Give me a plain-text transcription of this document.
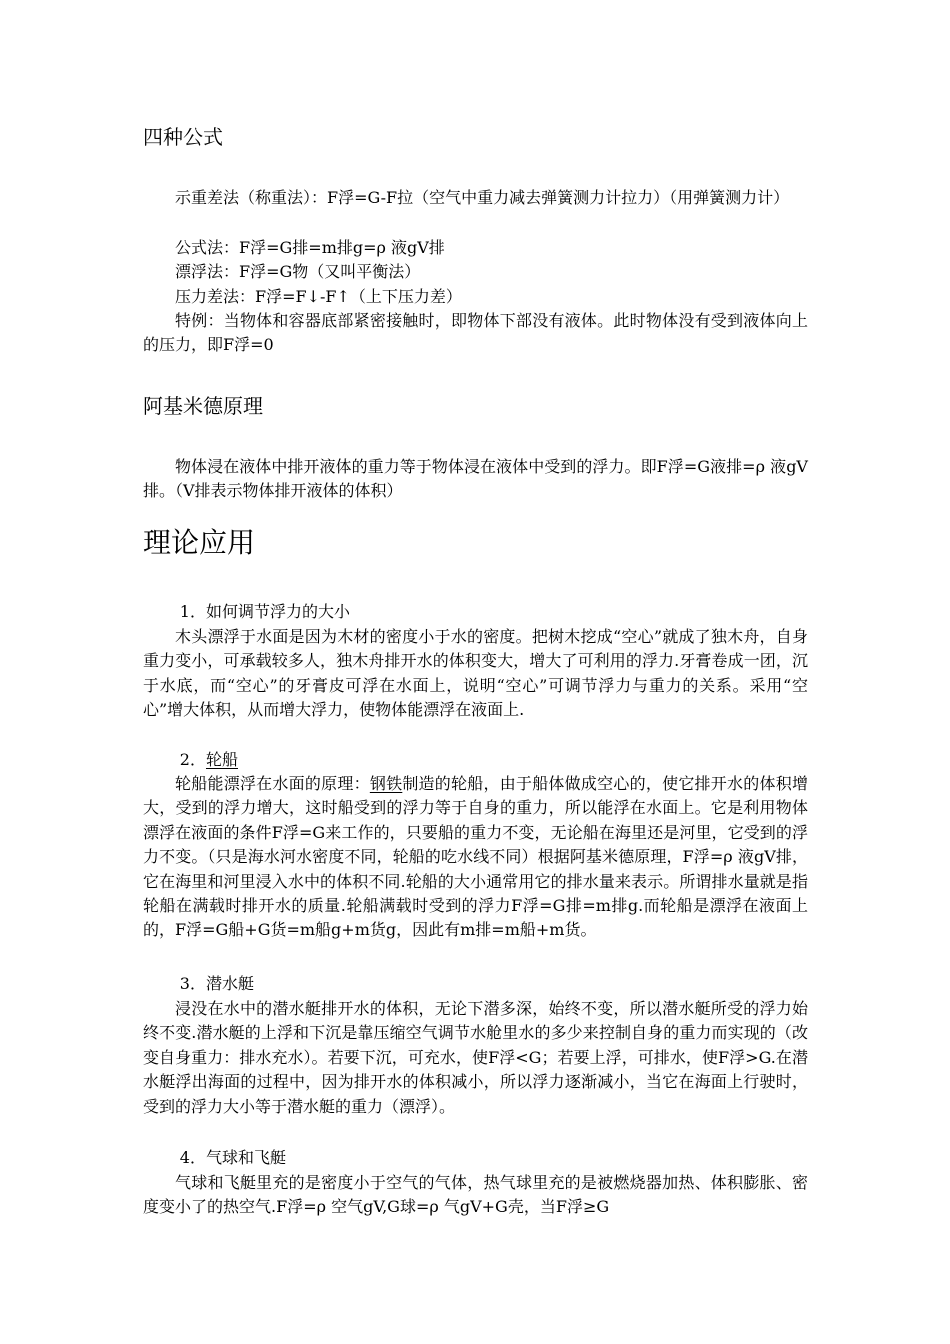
四种公式
示重差法（称重法）：F浮=G-F拉（空气中重力减去弹簧测力计拉力）（用弹簧测力计）
公式法：F浮=G排=m排g=ρ 液gV排
漂浮法：F浮=G物（又叫平衡法）
压力差法：F浮=F↓-F↑（上下压力差）
特例：当物体和容器底部紧密接触时，即物体下部没有液体。此时物体没有受到液体向上的压力，即F浮=0
阿基米德原理
物体浸在液体中排开液体的重力等于物体浸在液体中受到的浮力。即F浮=G液排=ρ 液gV排。（V排表示物体排开液体的体积）
理论应用
1．如何调节浮力的大小
木头漂浮于水面是因为木材的密度小于水的密度。把树木挖成“空心”就成了独木舟，自身重力变小，可承载较多人，独木舟排开水的体积变大，增大了可利用的浮力.牙膏卷成一团，沉于水底，而“空心”的牙膏皮可浮在水面上，说明“空心”可调节浮力与重力的关系。采用“空心”增大体积，从而增大浮力，使物体能漂浮在液面上.
2．轮船
轮船能漂浮在水面的原理：钢铁制造的轮船，由于船体做成空心的，使它排开水的体积增大，受到的浮力增大，这时船受到的浮力等于自身的重力，所以能浮在水面上。它是利用物体漂浮在液面的条件F浮=G来工作的，只要船的重力不变，无论船在海里还是河里，它受到的浮力不变。（只是海水河水密度不同，轮船的吃水线不同）根据阿基米德原理，F浮=ρ 液gV排，它在海里和河里浸入水中的体积不同.轮船的大小通常用它的排水量来表示。所谓排水量就是指轮船在满载时排开水的质量.轮船满载时受到的浮力F浮=G排=m排g.而轮船是漂浮在液面上的，F浮=G船+G货=m船g+m货g，因此有m排=m船+m货。
3．潜水艇
浸没在水中的潜水艇排开水的体积，无论下潜多深，始终不变，所以潜水艇所受的浮力始终不变.潜水艇的上浮和下沉是靠压缩空气调节水舱里水的多少来控制自身的重力而实现的（改变自身重力：排水充水）。若要下沉，可充水，使F浮<G；若要上浮，可排水，使F浮>G.在潜水艇浮出海面的过程中，因为排开水的体积减小，所以浮力逐渐减小，当它在海面上行驶时，受到的浮力大小等于潜水艇的重力（漂浮）。
4．气球和飞艇
气球和飞艇里充的是密度小于空气的气体，热气球里充的是被燃烧器加热、体积膨胀、密度变小了的热空气.F浮=ρ 空气gV,G球=ρ 气gV+G壳，当F浮≥G
